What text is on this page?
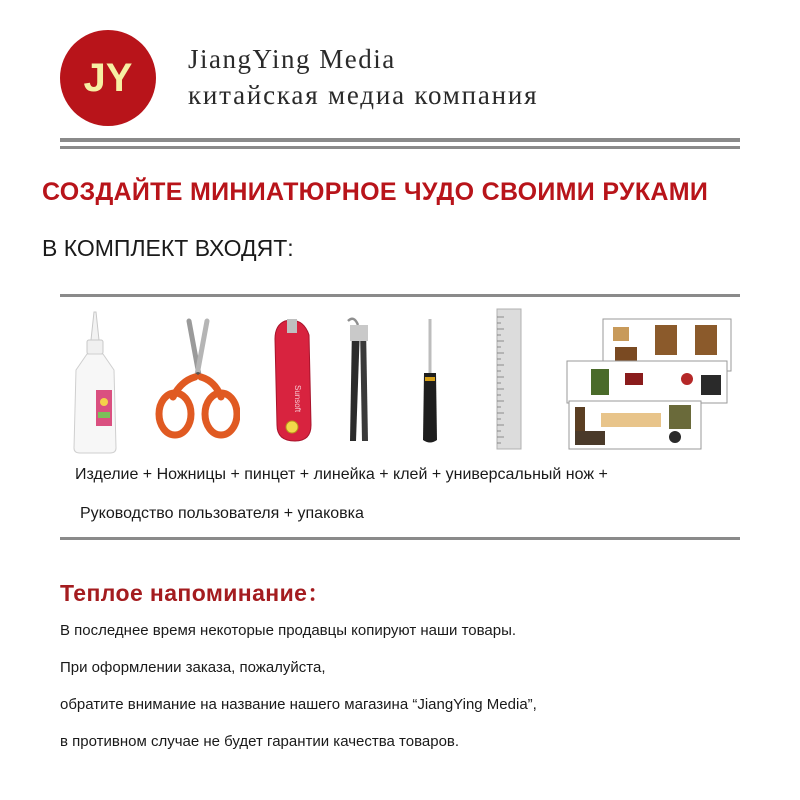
JY JiangYing Media
китайская медиа компания
СОЗДАЙТЕ МИНИАТЮРНОЕ ЧУДО СВОИМИ РУКАМИ
В КОМПЛЕКТ ВХОДЯТ:
Sunsoft
Изделие + Ножницы + пинцет + линейка + клей + универсальный нож +
Руководство пользователя + упаковка
Теплое напоминание：
В последнее время некоторые продавцы копируют наши товары.
При оформлении заказа, пожалуйста,
обратите внимание на название нашего магазина “JiangYing Media”,
в противном случае не будет гарантии качества товаров.
